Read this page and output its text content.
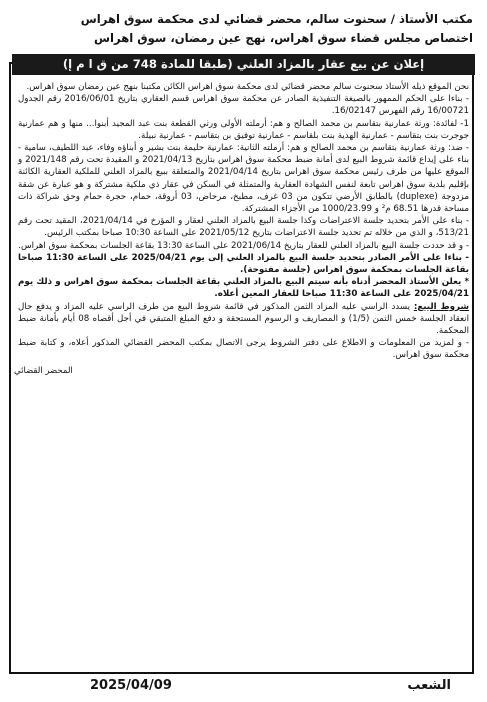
مكتب الأستاذ / سحنوت سالم، محضر قضائي لدى محكمة سوق اهراس
اختصاص مجلس قضاء سوق اهراس، نهج عين رمضان، سوق اهراس
إعلان عن بيع عقار بالمزاد العلني (طبقا للمادة 748 من ق ا م إ)

نحن الموقع ذيله الأستاذ سحنوت سالم محضر قضائي لدى محكمة سوق اهراس الكائن مكتبنا بنهج عين رمضان سوق اهراس.

- بناءا على الحكم الممهور بالصيغة التنفيذية الصادر عن محكمة سوق اهراس قسم العقاري بتاريخ 2016/06/01 رقم الجدول 16/00721 رقم الفهرس 16/02147.

1- لفائدة: ورثة عمارنية بتقاسم بن محمد الصالح و هم: أرملته الأولى ورثي القطعة بنت عبد المجيد أبنوا... منها و هم عمارنية جوجرت بنت بتقاسم - عمارنية الهدية بنت بلقاسم - عمارنية توفيق بن بتقاسم - عمارنية نبيلة.

- ضد: ورثة عمارنية بتقاسم بن محمد الصالح و هم: أرملته الثانية: عمارنية حليمة بنت بشير و أبناؤه وفاء، عبد اللطيف، سامية - بناء على إيداع قائمة شروط البيع لدى أمانة ضبط محكمة سوق اهراس بتاريخ 2021/04/13 و المقيدة تحت رقم 2021/148 و الموقع عليها من طرف رئيس محكمة سوق اهراس بتاريخ 2021/04/14 والمتعلقة ببيع بالمزاد العلني للملكية العقارية الكائنة بإقليم بلدية سوق اهراس تابعة لنفس الشهادة العقارية والمتمثلة في السكن في عقار ذي ملكية مشتركة و هو عبارة عن شقة مزدوجة (duplexe) بالطابق الأرضي تتكون من 03 غرف، مطبخ، مرحاض، 03 أروقة، حمام، حجرة حمام وحق شراكة ذات مساحة قدرها 68.51 م² و 1000/23.99 من الأجزاء المشتركة.

- بناء على الأمر بتحديد جلسة الاعتراضات وكذا جلسة البيع بالمزاد العلني لعقار و المؤرخ في 2021/04/14، المقيد تحت رقم 513/21، و الذي من خلاله تم تحديد جلسة الاعتراضات بتاريخ 2021/05/12 على الساعة 10:30 صباحا بمكتب الرئيس.

- و قد حددت جلسة البيع بالمزاد العلني للعقار بتاريخ 2021/06/14 على الساعة 13:30 بقاعة الجلسات بمحكمة سوق اهراس.

- بناءا على الأمر الصادر بتحديد جلسة البيع بالمزاد العلني إلى يوم 2025/04/21 على الساعة 11:30 صباحا بقاعة الجلسات بمحكمة سوق اهراس (جلسة مفتوحة).

* يعلن الأستاذ المحضر أدناه بأنه سيتم البيع بالمزاد العلني بقاعة الجلسات بمحكمة سوق اهراس و ذلك يوم 2025/04/21 على الساعة 11:30 صباحا للعقار المعين أعلاه.

شروط البيع: يسدد الراسي عليه المزاد الثمن المذكور في قائمة شروط البيع من طرف الراسي عليه المزاد و يدفع حال انعقاد الجلسة خمس الثمن (1/5) و المصاريف و الرسوم المستحقة و دفع المبلغ المتبقي في أجل أقصاه 08 أيام بأمانة ضبط المحكمة.

- و لمزيد من المعلومات و الاطلاع على دفتر الشروط يرجى الاتصال بمكتب المحضر القضائي المذكور أعلاه، و كتابة ضبط محكمة سوق اهراس.

المحضر القضائي
الشعب
2025/04/09
